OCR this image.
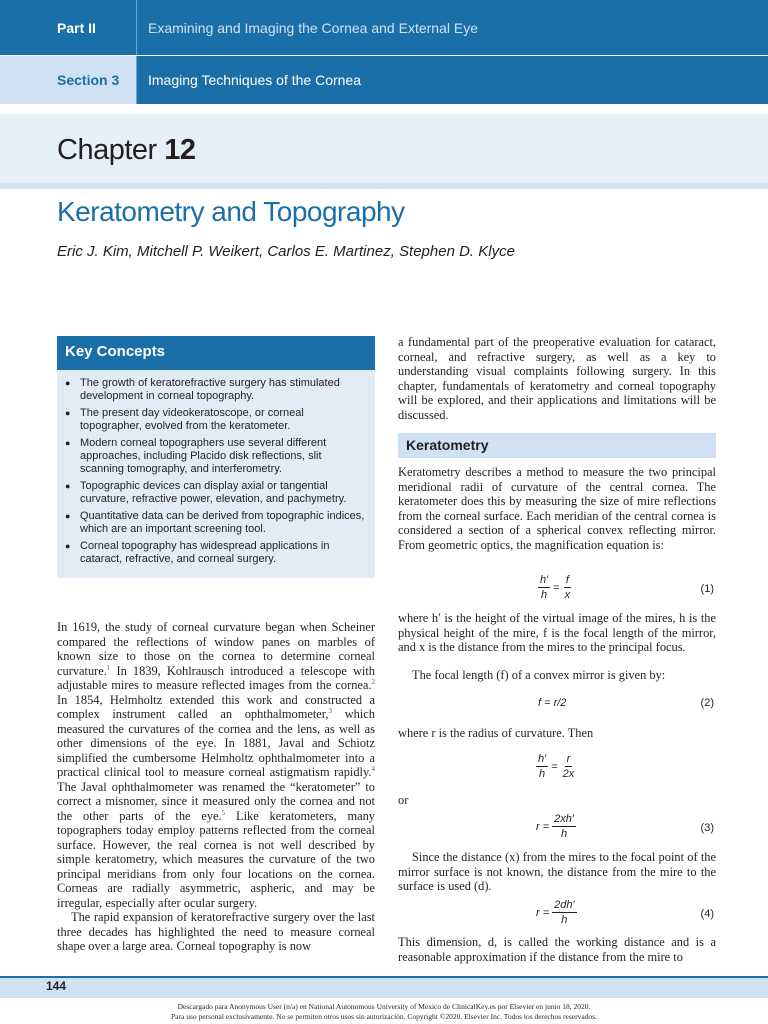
Part II	Examining and Imaging the Cornea and External Eye
Section 3	Imaging Techniques of the Cornea
Chapter 12
Keratometry and Topography
Eric J. Kim, Mitchell P. Weikert, Carlos E. Martinez, Stephen D. Klyce
Key Concepts
● The growth of keratorefractive surgery has stimulated development in corneal topography.
● The present day videokeratoscope, or corneal topographer, evolved from the keratometer.
● Modern corneal topographers use several different approaches, including Placido disk reflections, slit scanning tomography, and interferometry.
● Topographic devices can display axial or tangential curvature, refractive power, elevation, and pachymetry.
● Quantitative data can be derived from topographic indices, which are an important screening tool.
● Corneal topography has widespread applications in cataract, refractive, and corneal surgery.

In 1619, the study of corneal curvature began when Scheiner compared the reflections of window panes on marbles of known size to those on the cornea to determine corneal curvature.$^1$ In 1839, Kohlrausch introduced a telescope with adjustable mires to measure reflected images from the cornea.$^2$ In 1854, Helmholtz extended this work and constructed a complex instrument called an ophthalmometer,$^3$ which measured the curvatures of the cornea and the lens, as well as other dimensions of the eye. In 1881, Javal and Schiotz simplified the cumbersome Helmholtz ophthalmometer into a practical clinical tool to measure corneal astigmatism rapidly.$^4$ The Javal ophthalmometer was renamed the “keratometer” to correct a misnomer, since it measured only the cornea and not the other parts of the eye.$^5$ Like keratometers, many topographers today employ patterns reflected from the corneal surface. However, the real cornea is not well described by simple keratometry, which measures the curvature of the two principal meridians from only four locations on the cornea. Corneas are radially asymmetric, aspheric, and may be irregular, especially after ocular surgery.

The rapid expansion of keratorefractive surgery over the last three decades has highlighted the need to measure corneal shape over a large area. Corneal topography is now

a fundamental part of the preoperative evaluation for cataract, corneal, and refractive surgery, as well as a key to understanding visual complaints following surgery. In this chapter, fundamentals of keratometry and corneal topography will be explored, and their applications and limitations will be discussed.
Keratometry
Keratometry describes a method to measure the two principal meridional radii of curvature of the central cornea. The keratometer does this by measuring the size of mire reflections from the corneal surface. Each meridian of the central cornea is considered a section of a spherical convex reflecting mirror. From geometric optics, the magnification equation is:
$\frac{h'}{h} = \frac{f}{x}$	(1)
where h′ is the height of the virtual image of the mires, h is the physical height of the mire, f is the focal length of the mirror, and x is the distance from the mires to the principal focus.
The focal length (f) of a convex mirror is given by:
f = r/2	(2)
where r is the radius of curvature. Then
$\frac{h'}{h} = \frac{r}{2x}$
or
$r = \frac{2xh'}{h}$	(3)
Since the distance (x) from the mires to the focal point of the mirror surface is not known, the distance from the mire to the surface is used (d).
$r = \frac{2dh'}{h}$	(4)
This dimension, d, is called the working distance and is a reasonable approximation if the distance from the mire to
144
Descargado para Anonymous User (n/a) en National Autonomous University of Mexico de ClinicalKey.es por Elsevier en junio 18, 2020.
Para uso personal exclusivamente. No se permiten otros usos sin autorización. Copyright ©2020. Elsevier Inc. Todos los derechos reservados.
